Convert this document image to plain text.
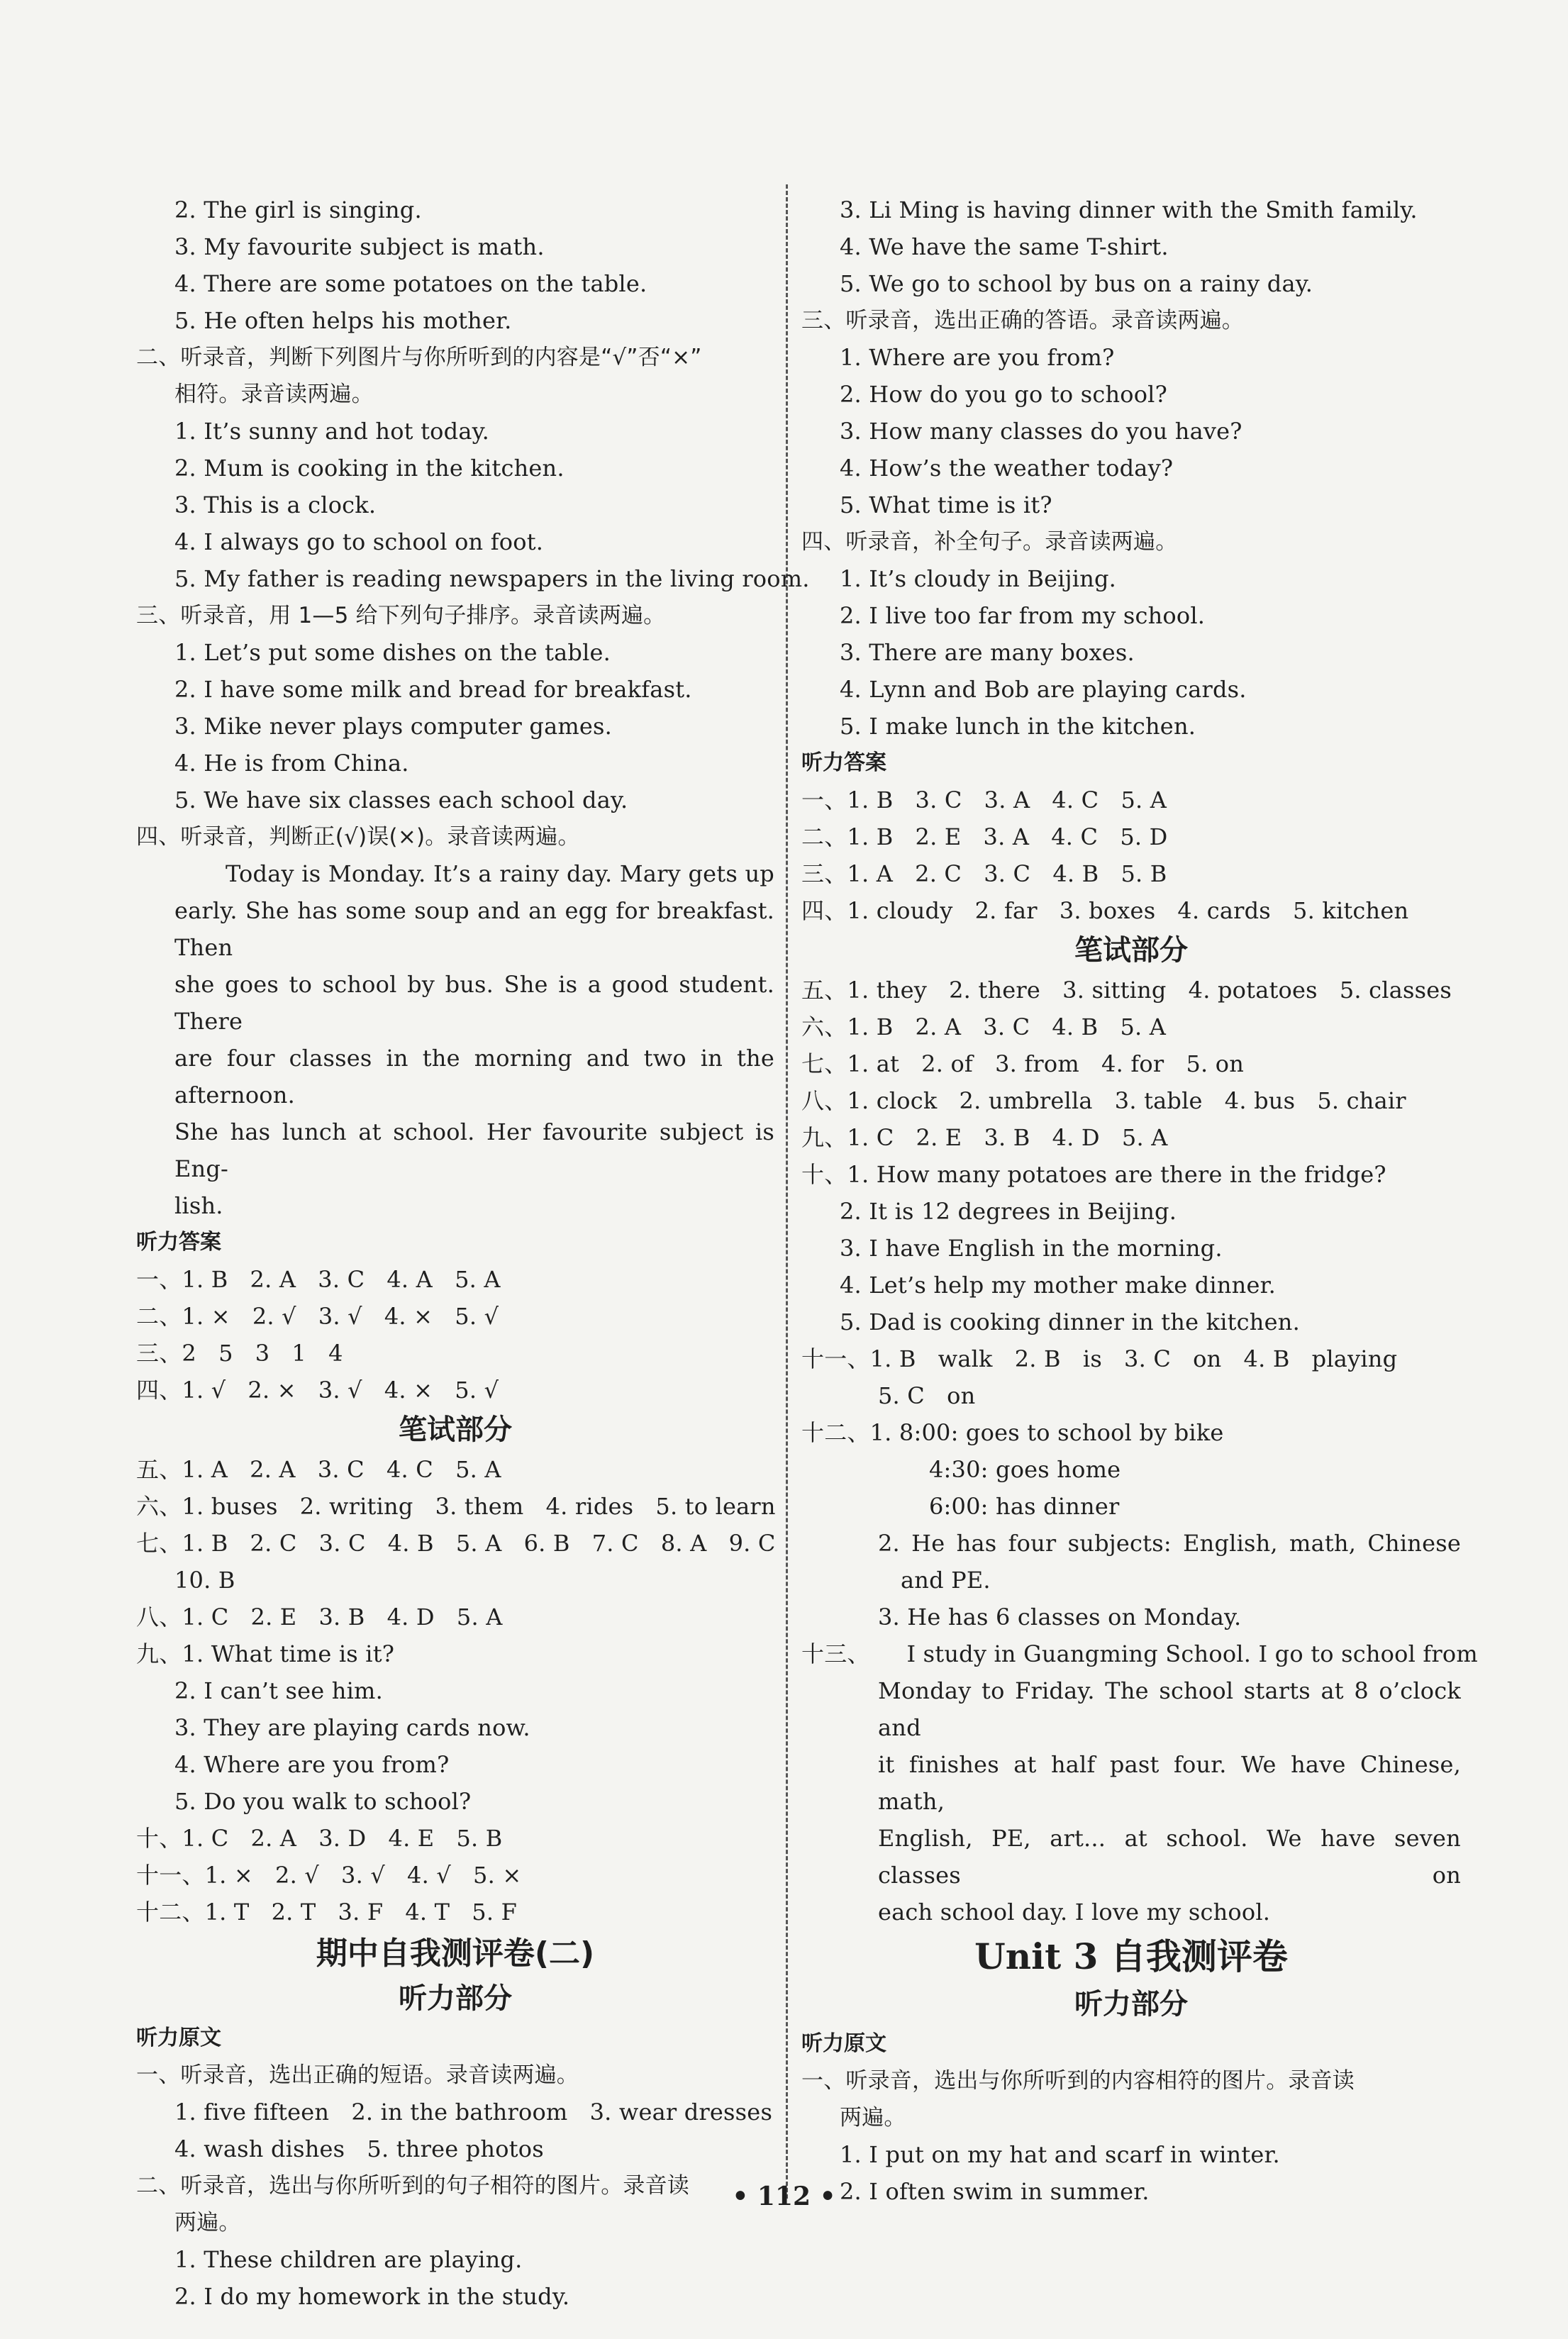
2. The girl is singing.
3. My favourite subject is math.
4. There are some potatoes on the table.
5. He often helps his mother.
二、听录音，判断下列图片与你所听到的内容是“√”否“×”
相符。录音读两遍。
1. It’s sunny and hot today.
2. Mum is cooking in the kitchen.
3. This is a clock.
4. I always go to school on foot.
5. My father is reading newspapers in the living room.
三、听录音，用 1—5 给下列句子排序。录音读两遍。
1. Let’s put some dishes on the table.
2. I have some milk and bread for breakfast.
3. Mike never plays computer games.
4. He is from China.
5. We have six classes each school day.
四、听录音，判断正(√)误(×)。录音读两遍。
Today is Monday. It’s a rainy day. Mary gets up
early. She has some soup and an egg for breakfast. Then
she goes to school by bus. She is a good student. There
are four classes in the morning and two in the afternoon.
She has lunch at school. Her favourite subject is Eng-
lish.
听力答案
一、1. B   2. A   3. C   4. A   5. A
二、1. ×   2. √   3. √   4. ×   5. √
三、2   5   3   1   4
四、1. √   2. ×   3. √   4. ×   5. √
笔试部分
五、1. A   2. A   3. C   4. C   5. A
六、1. buses   2. writing   3. them   4. rides   5. to learn
七、1. B   2. C   3. C   4. B   5. A   6. B   7. C   8. A   9. C
10. B
八、1. C   2. E   3. B   4. D   5. A
九、1. What time is it?
2. I can’t see him.
3. They are playing cards now.
4. Where are you from?
5. Do you walk to school?
十、1. C   2. A   3. D   4. E   5. B
十一、1. ×   2. √   3. √   4. √   5. ×
十二、1. T   2. T   3. F   4. T   5. F
期中自我测评卷(二)
听力部分
听力原文
一、听录音，选出正确的短语。录音读两遍。
1. five fifteen   2. in the bathroom   3. wear dresses
4. wash dishes   5. three photos
二、听录音，选出与你所听到的句子相符的图片。录音读
两遍。
1. These children are playing.
2. I do my homework in the study.
3. Li Ming is having dinner with the Smith family.
4. We have the same T-shirt.
5. We go to school by bus on a rainy day.
三、听录音，选出正确的答语。录音读两遍。
1. Where are you from?
2. How do you go to school?
3. How many classes do you have?
4. How’s the weather today?
5. What time is it?
四、听录音，补全句子。录音读两遍。
1. It’s cloudy in Beijing.
2. I live too far from my school.
3. There are many boxes.
4. Lynn and Bob are playing cards.
5. I make lunch in the kitchen.
听力答案
一、1. B   3. C   3. A   4. C   5. A
二、1. B   2. E   3. A   4. C   5. D
三、1. A   2. C   3. C   4. B   5. B
四、1. cloudy   2. far   3. boxes   4. cards   5. kitchen
笔试部分
五、1. they   2. there   3. sitting   4. potatoes   5. classes
六、1. B   2. A   3. C   4. B   5. A
七、1. at   2. of   3. from   4. for   5. on
八、1. clock   2. umbrella   3. table   4. bus   5. chair
九、1. C   2. E   3. B   4. D   5. A
十、1. How many potatoes are there in the fridge?
2. It is 12 degrees in Beijing.
3. I have English in the morning.
4. Let’s help my mother make dinner.
5. Dad is cooking dinner in the kitchen.
十一、1. B   walk   2. B   is   3. C   on   4. B   playing
5. C   on
十二、1. 8:00: goes to school by bike
4:30: goes home
6:00: has dinner
2. He has four subjects: English, math, Chinese
and PE.
3. He has 6 classes on Monday.
十三、     I study in Guangming School. I go to school from
Monday to Friday. The school starts at 8 o’clock and
it finishes at half past four. We have Chinese, math,
English, PE, art... at school. We have seven classes on
each school day. I love my school.
Unit 3 自我测评卷
听力部分
听力原文
一、听录音，选出与你所听到的内容相符的图片。录音读
两遍。
1. I put on my hat and scarf in winter.
2. I often swim in summer.
• 112 •
